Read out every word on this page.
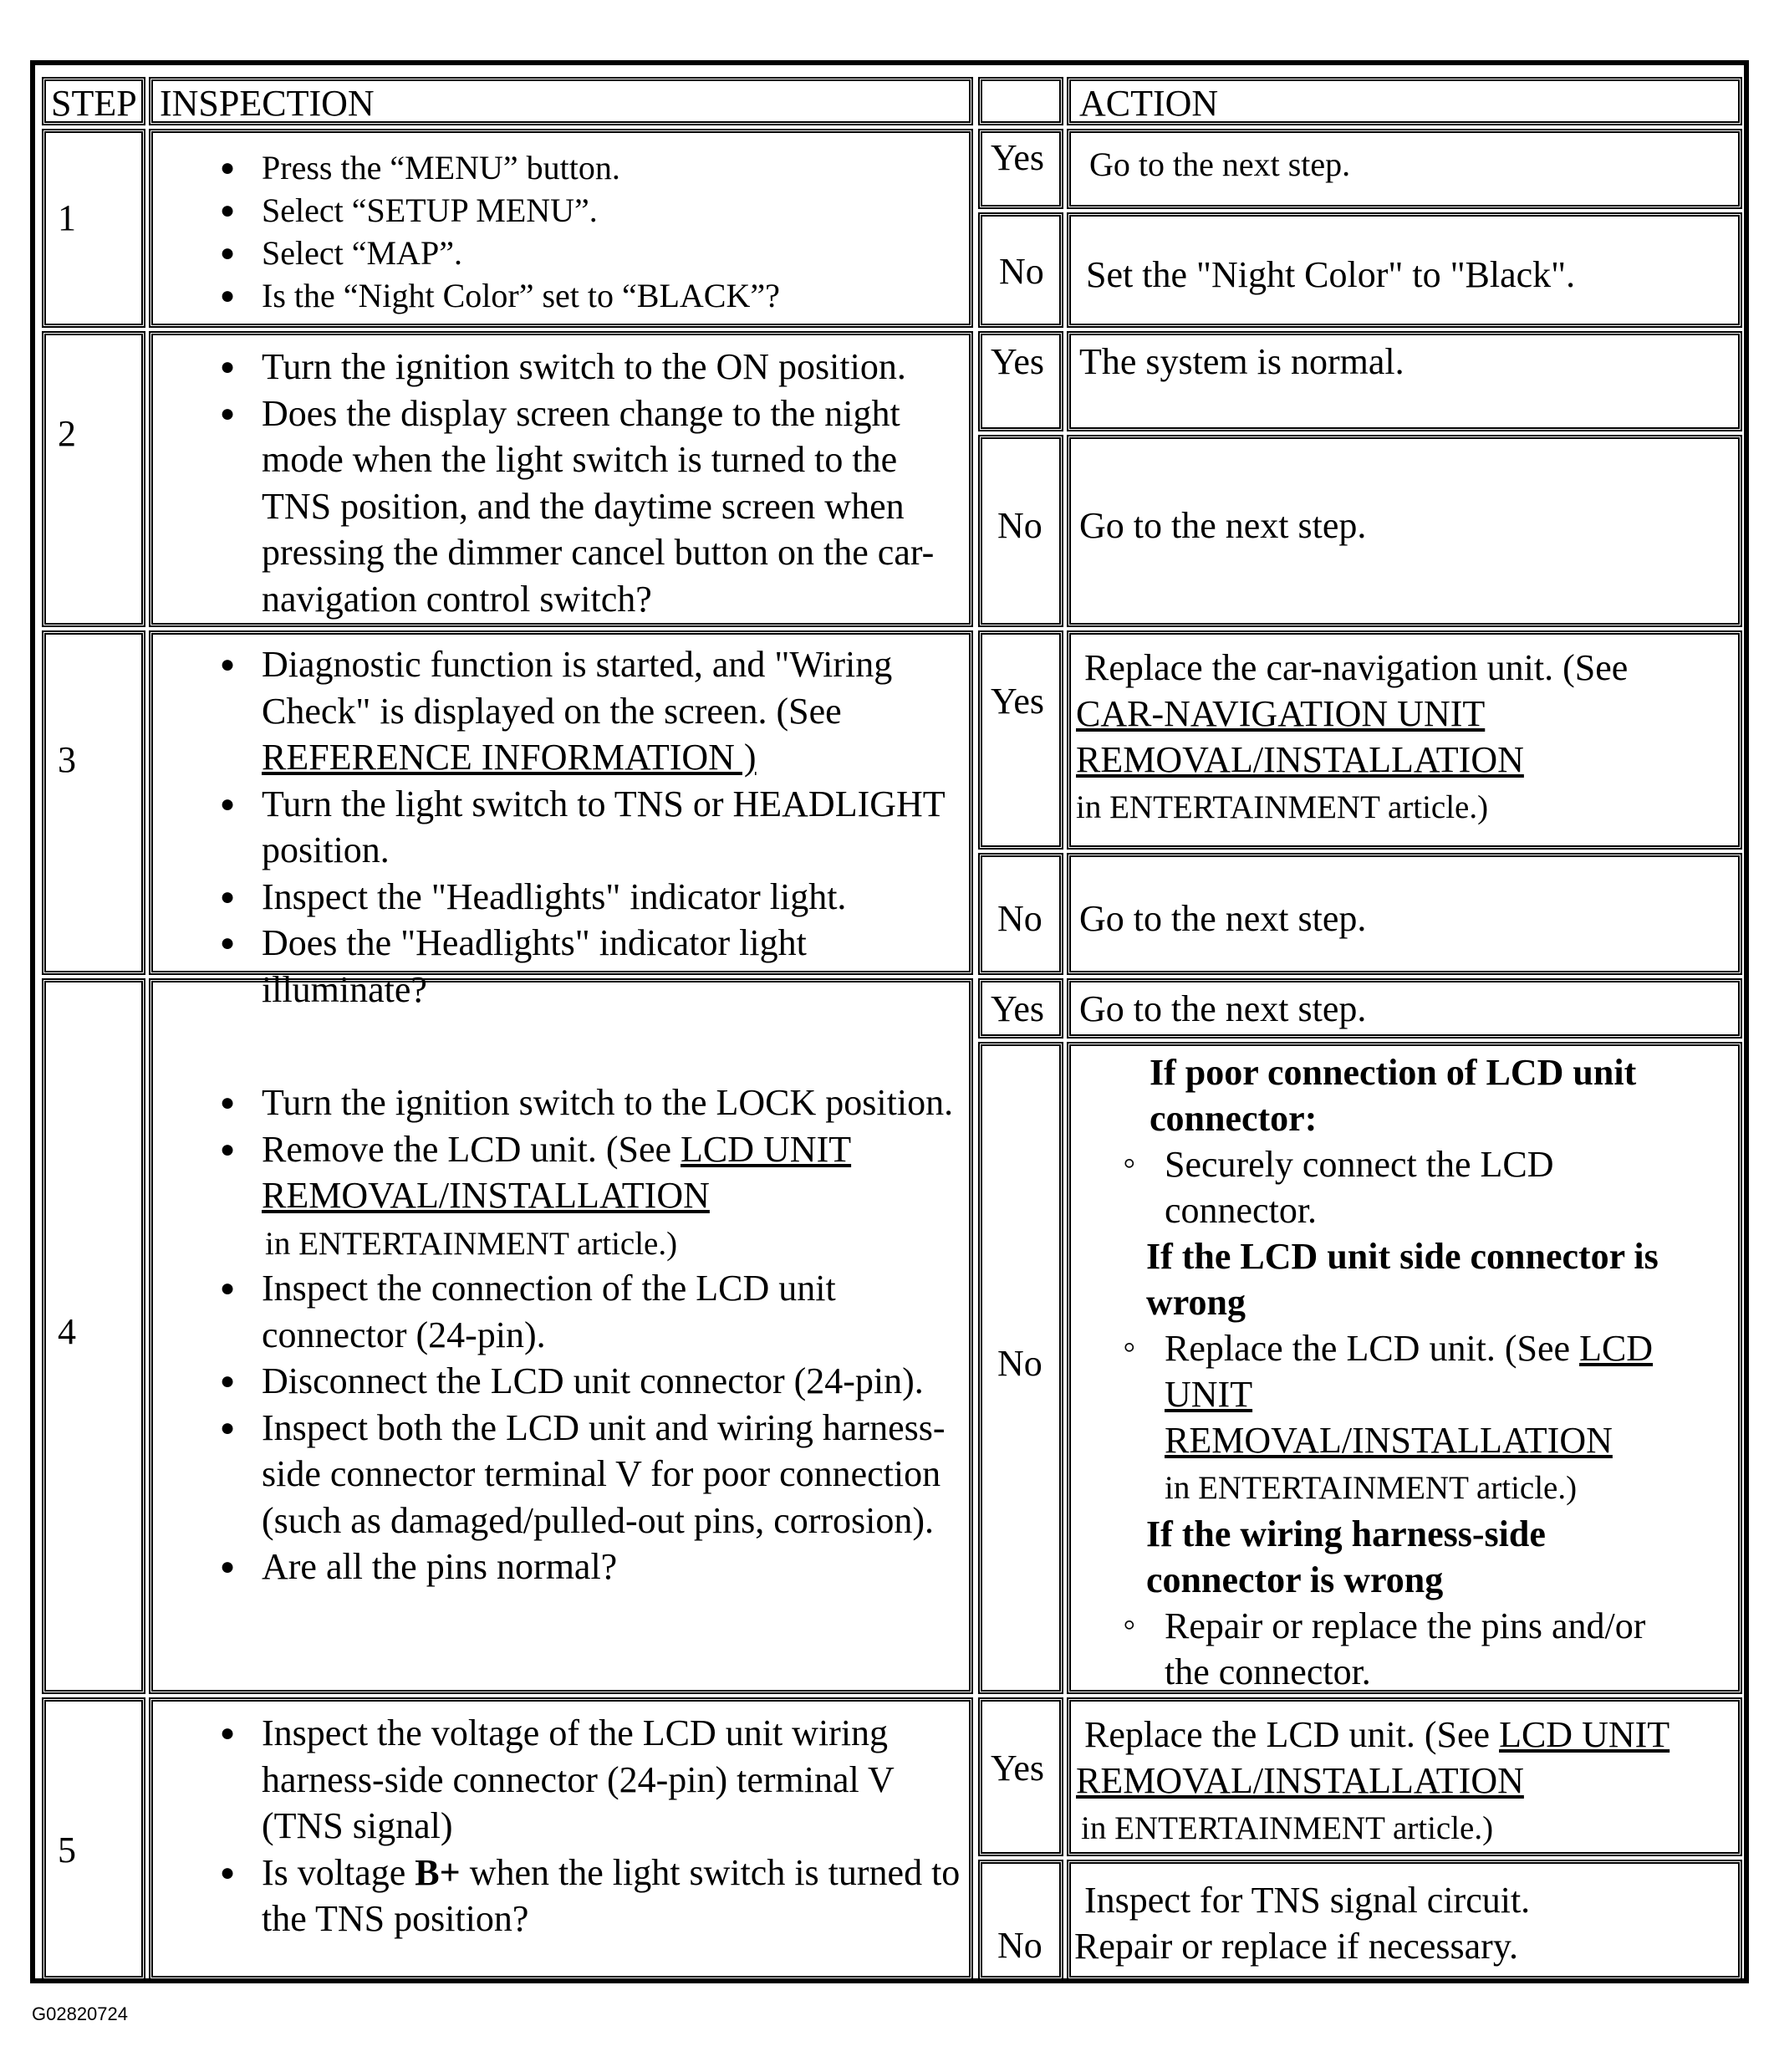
STEP INSPECTION	ACTION
1
● Press the “MENU” button.
● Select “SETUP MENU”.
● Select “MAP”.
● Is the “Night Color” set to “BLACK”?
Yes Go to the next step.
No Set the "Night Color" to "Black".
2
● Turn the ignition switch to the ON position.
● Does the display screen change to the night mode when the light switch is turned to the TNS position, and the daytime screen when pressing the dimmer cancel button on the car-navigation control switch?
Yes The system is normal.
No Go to the next step.
3
● Diagnostic function is started, and "Wiring Check" is displayed on the screen. (See
REFERENCE INFORMATION )
● Turn the light switch to TNS or HEADLIGHT position.
● Inspect the "Headlights" indicator light.
● Does the "Headlights" indicator light illuminate?
Yes
Replace the car-navigation unit. (See
CAR-NAVIGATION UNIT
REMOVAL/INSTALLATION
in ENTERTAINMENT article.)
No Go to the next step.
4
● Turn the ignition switch to the LOCK position.
● Remove the LCD unit. (See LCD UNIT
REMOVAL/INSTALLATION
in ENTERTAINMENT article.)
● Inspect the connection of the LCD unit connector (24-pin).
● Disconnect the LCD unit connector (24-pin).
● Inspect both the LCD unit and wiring harness-side connector terminal V for poor connection (such as damaged/pulled-out pins, corrosion).
● Are all the pins normal?
Yes Go to the next step.
No
If poor connection of LCD unit connector:
◦ Securely connect the LCD connector.
If the LCD unit side connector is wrong
◦ Replace the LCD unit. (See LCD
UNIT
REMOVAL/INSTALLATION
in ENTERTAINMENT article.)
If the wiring harness-side connector is wrong
◦ Repair or replace the pins and/or the connector.
5
● Inspect the voltage of the LCD unit wiring harness-side connector (24-pin) terminal V (TNS signal)
● Is voltage B+ when the light switch is turned to the TNS position?
Yes
Replace the LCD unit. (See LCD UNIT
REMOVAL/INSTALLATION
in ENTERTAINMENT article.)
No
Inspect for TNS signal circuit.
Repair or replace if necessary.
G02820724
